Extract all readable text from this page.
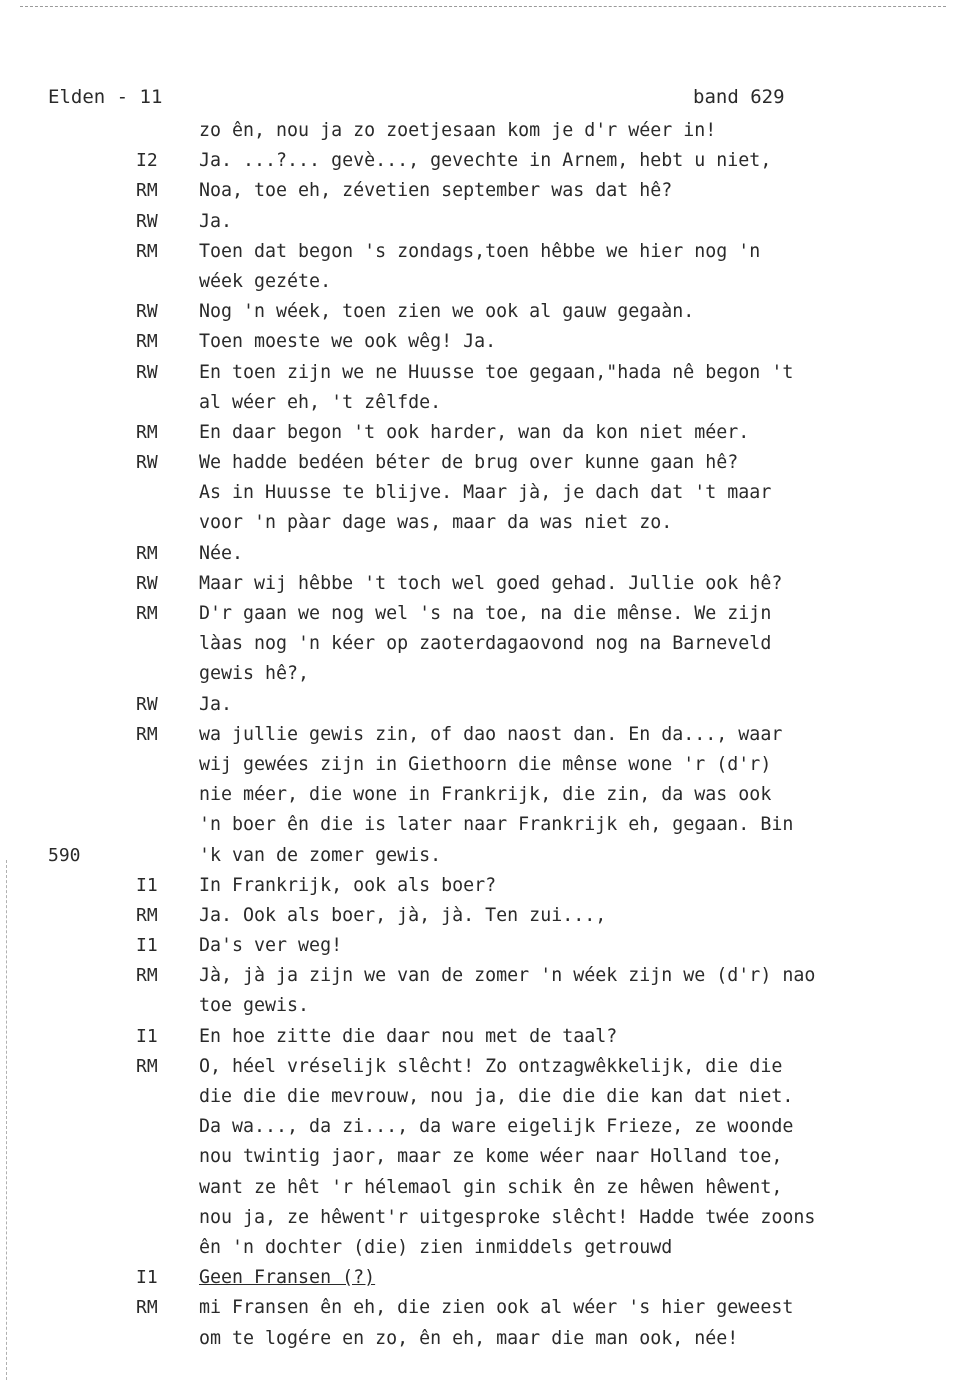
Elden - 11	band 629
zo ên, nou ja zo zoetjesaan kom je d'r wéer in!
I2 Ja. ...?... gevè..., gevechte in Arnem, hebt u niet,
RM Noa, toe eh, zévetien september was dat hê?
RW Ja.
RM Toen dat begon 's zondags,toen hêbbe we hier nog 'n
wéek gezéte.
RW Nog 'n wéek, toen zien we ook al gauw gegaàn.
RM Toen moeste we ook wêg! Ja.
RW En toen zijn we ne Huusse toe gegaan,"hada nê begon 't
al wéer eh, 't zêlfde.
RM En daar begon 't ook harder, wan da kon niet méer.
RW We hadde bedéen béter de brug over kunne gaan hê?
As in Huusse te blijve. Maar jà, je dach dat 't maar
voor 'n pàar dage was, maar da was niet zo.
RM Née.
RW Maar wij hêbbe 't toch wel goed gehad. Jullie ook hê?
RM D'r gaan we nog wel 's na toe, na die mênse. We zijn
làas nog 'n kéer op zaoterdagaovond nog na Barneveld
gewis hê?,
RW Ja.
RM wa jullie gewis zin, of dao naost dan. En da..., waar
wij gewées zijn in Giethoorn die mênse wone 'r (d'r)
nie méer, die wone in Frankrijk, die zin, da was ook
'n boer ên die is later naar Frankrijk eh, gegaan. Bin
590	'k van de zomer gewis.
I1 In Frankrijk, ook als boer?
RM Ja. Ook als boer, jà, jà. Ten zui...,
I1 Da's ver weg!
RM Jà, jà ja zijn we van de zomer 'n wéek zijn we (d'r) nao
toe gewis.
I1 En hoe zitte die daar nou met de taal?
RM O, héel vréselijk slêcht! Zo ontzagwêkkelijk, die die
die die die mevrouw, nou ja, die die die kan dat niet.
Da wa..., da zi..., da ware eigelijk Frieze, ze woonde
nou twintig jaor, maar ze kome wéer naar Holland toe,
want ze hêt 'r hélemaol gin schik ên ze hêwen hêwent,
nou ja, ze hêwent'r uitgesproke slêcht! Hadde twée zoons
ên 'n dochter (die) zien inmiddels getrouwd
I1 Geen Fransen (?)
RM mi Fransen ên eh, die zien ook al wéer 's hier geweest
om te logére en zo, ên eh, maar die man ook, née!
